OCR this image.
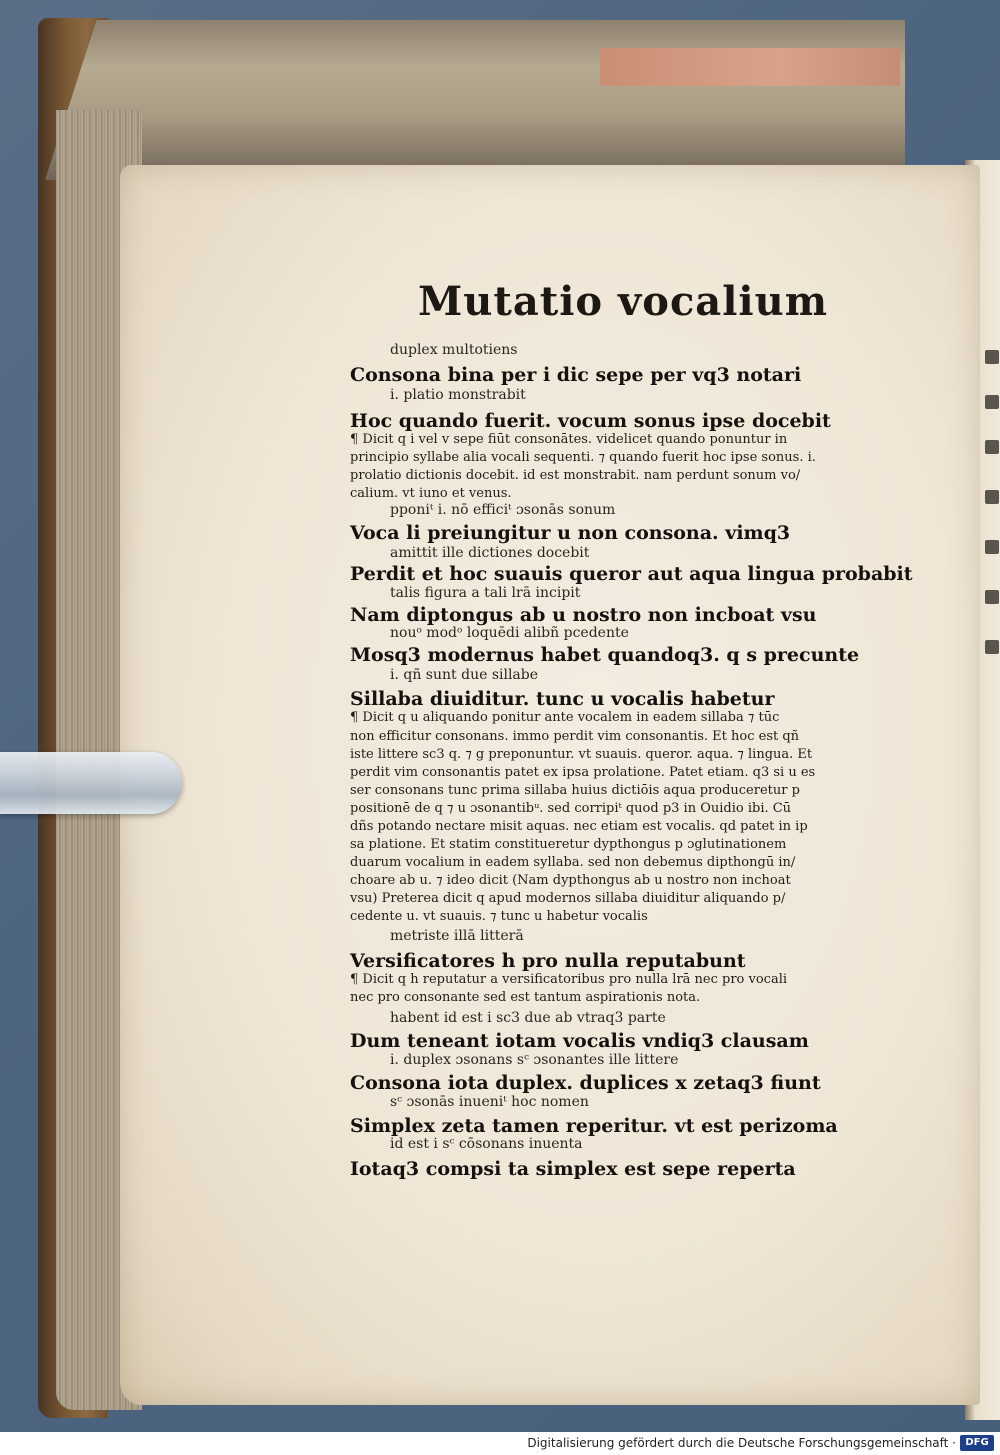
Mutatio vocalium
duplex multotiens
Consona bina per i dic sepe per vq3 notari
i. platio monstrabit
Hoc quando fuerit. vocum sonus ipse docebit
¶ Dicit q i vel v sepe fiūt consonātes. videlicet quando ponuntur in
principio syllabe alia vocali sequenti. ⁊ quando fuerit hoc ipse sonus. i.
prolatio dictionis docebit. id est monstrabit. nam perdunt sonum vo/
calium. vt iuno et venus.
pponiᵗ i. nō efficiᵗ ɔsonās sonum
Voca li preiungitur u non consona. vimq3
amittit ille dictiones docebit
Perdit et hoc suauis queror aut aqua lingua probabit
talis figura a tali lrā incipit
Nam diptongus ab u nostro non incboat vsu
nouᵒ modᵒ loquēdi alibñ pcedente
Mosq3 modernus habet quandoq3. q s precunte
i. qñ sunt due sillabe
Sillaba diuiditur. tunc u vocalis habetur
¶ Dicit q u aliquando ponitur ante vocalem in eadem sillaba ⁊ tūc
non efficitur consonans. immo perdit vim consonantis. Et hoc est qñ
iste littere sc3 q. ⁊ g preponuntur. vt suauis. queror. aqua. ⁊ lingua. Et
perdit vim consonantis patet ex ipsa prolatione. Patet etiam. q3 si u es
ser consonans tunc prima sillaba huius dictiōis aqua produceretur p
positionē de q ⁊ u ɔsonantibᵘ. sed corripiᵗ quod p3 in Ouidio ibi. Cū
dñs potando nectare misit aquas. nec etiam est vocalis. qd patet in ip
sa platione. Et statim constitueretur dypthongus p ɔglutinationem
duarum vocalium in eadem syllaba. sed non debemus dipthongū in/
choare ab u. ⁊ ideo dicit (Nam dypthongus ab u nostro non inchoat
vsu) Preterea dicit q apud modernos sillaba diuiditur aliquando p/
cedente u. vt suauis. ⁊ tunc u habetur vocalis
metriste illā litterā
Versificatores h pro nulla reputabunt
¶ Dicit q h reputatur a versificatoribus pro nulla lrā nec pro vocali
nec pro consonante sed est tantum aspirationis nota.
habent id est i sc3 due ab vtraq3 parte
Dum teneant iotam vocalis vndiq3 clausam
i. duplex ɔsonans sᶜ ɔsonantes ille littere
Consona iota duplex. duplices x zetaq3 fiunt
sᶜ ɔsonās inueniᵗ hoc nomen
Simplex zeta tamen reperitur. vt est perizoma
id est i sᶜ cōsonans inuenta
Iotaq3 compsi ta simplex est sepe reperta
Digitalisierung gefördert durch die Deutsche Forschungsgemeinschaft · DFG
